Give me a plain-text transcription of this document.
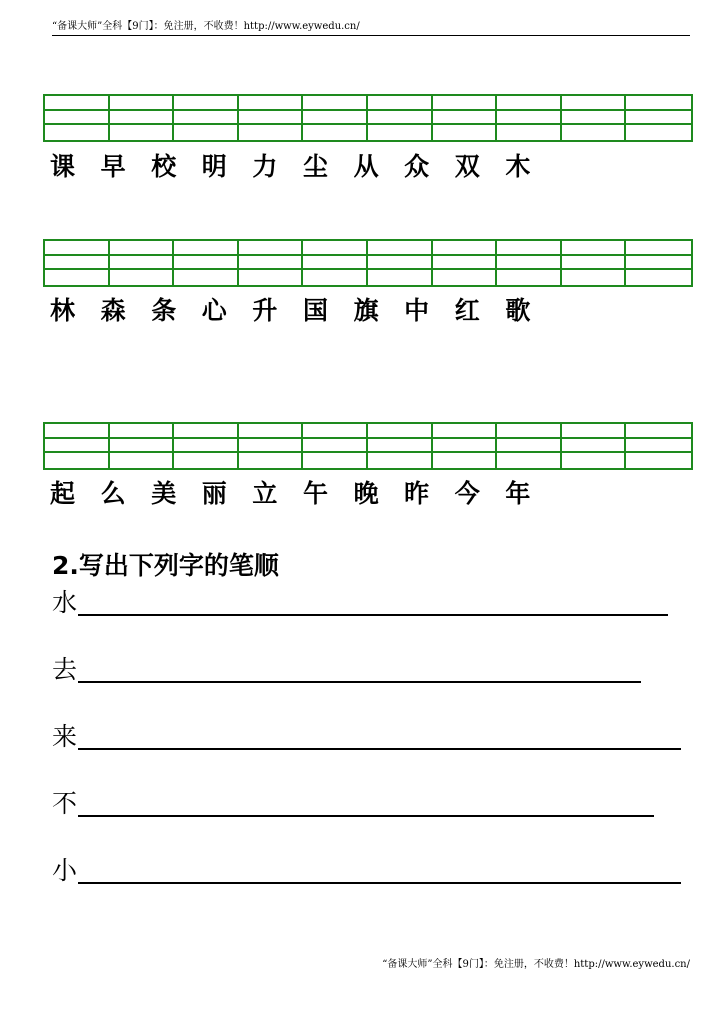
“备课大师”全科【9门】：免注册，不收费！http://www.eywedu.cn/
课	早	校	明	力	尘	从	众	双	木
林	森	条	心	升	国	旗	中	红	歌
起	么	美	丽	立	午	晚	昨	今	年
2.写出下列字的笔顺
水
去
来
不
小
“备课大师”全科【9门】：免注册，不收费！http://www.eywedu.cn/
